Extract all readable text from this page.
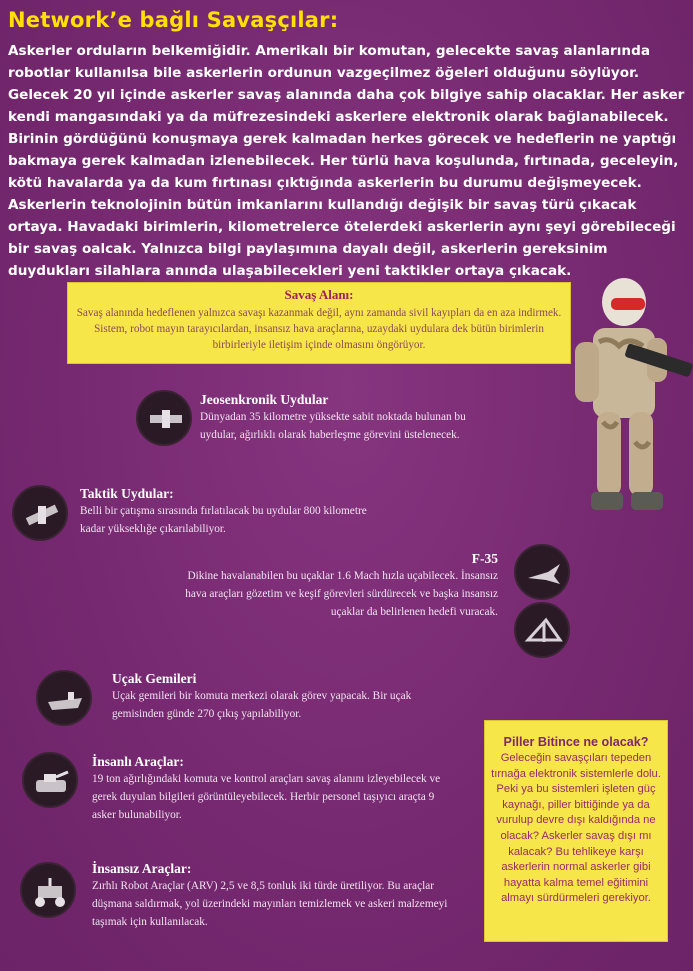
Network’e bağlı Savaşçılar:
Askerler orduların belkemiğidir. Amerikalı bir komutan, gelecekte savaş alanlarında robotlar kullanılsa bile askerlerin ordunun vazgeçilmez öğeleri olduğunu söylüyor. Gelecek 20 yıl içinde askerler savaş alanında daha çok bilgiye sahip olacaklar. Her asker kendi mangasındaki ya da müfrezesindeki askerlere elektronik olarak bağlanabilecek. Birinin gördüğünü konuşmaya gerek kalmadan herkes görecek ve hedeflerin ne yaptığı bakmaya gerek kalmadan izlenebilecek. Her türlü hava koşulunda, fırtınada, geceleyin, kötü havalarda ya da kum fırtınası çıktığında askerlerin bu durumu değişmeyecek. Askerlerin teknolojinin bütün imkanlarını kullandığı değişik bir savaş türü çıkacak ortaya. Havadaki birimlerin, kilometrelerce ötelerdeki askerlerin aynı şeyi görebileceği bir savaş oalcak. Yalnızca bilgi paylaşımına dayalı değil, askerlerin gereksinim duydukları silahlara anında ulaşabilecekleri yeni taktikler ortaya çıkacak.
Savaş Alanı:
Savaş alanında hedeflenen yalnızca savaşı kazanmak değil, aynı zamanda sivil kayıpları da en aza indirmek. Sistem, robot mayın tarayıcılardan, insansız hava araçlarına, uzaydaki uydulara dek bütün birimlerin birbirleriyle iletişim içinde olmasını öngörüyor.
Jeosenkronik Uydular
Dünyadan 35 kilometre yüksekte sabit noktada bulunan bu uydular, ağırlıklı olarak haberleşme görevini üstelenecek.
Taktik Uydular:
Belli bir çatışma sırasında fırlatılacak bu uydular 800 kilometre kadar yükseklığe çıkarılabiliyor.
F-35
Dikine havalanabilen bu uçaklar 1.6 Mach hızla uçabilecek. İnsansız hava araçları gözetim ve keşif görevleri sürdürecek ve başka insansız uçaklar da belirlenen hedefi vuracak.
Uçak Gemileri
Uçak gemileri bir komuta merkezi olarak görev yapacak. Bir uçak gemisinden günde 270 çıkış yapılabiliyor.
İnsanlı Araçlar:
19 ton ağırlığındaki komuta ve kontrol araçları savaş alanını izleyebilecek ve gerek duyulan bilgileri görüntüleyebilecek. Herbir personel taşıyıcı araçta 9 asker bulunabiliyor.
İnsansız Araçlar:
Zırhlı Robot Araçlar (ARV) 2,5 ve 8,5 tonluk iki türde üretiliyor. Bu araçlar düşmana saldırmak, yol üzerindeki mayınları temizlemek ve askeri malzemeyi taşımak için kullanılacak.
Piller Bitince ne olacak?
Geleceğin savaşçıları tepeden tırnağa elektronik sistemlerle dolu. Peki ya bu sistemleri işleten güç kaynağı, piller bittiğinde ya da vurulup devre dışı kaldığında ne olacak? Askerler savaş dışı mı kalacak? Bu tehlikeye karşı askerlerin normal askerler gibi hayatta kalma temel eğitimini almayı sürdürmeleri gerekiyor.
